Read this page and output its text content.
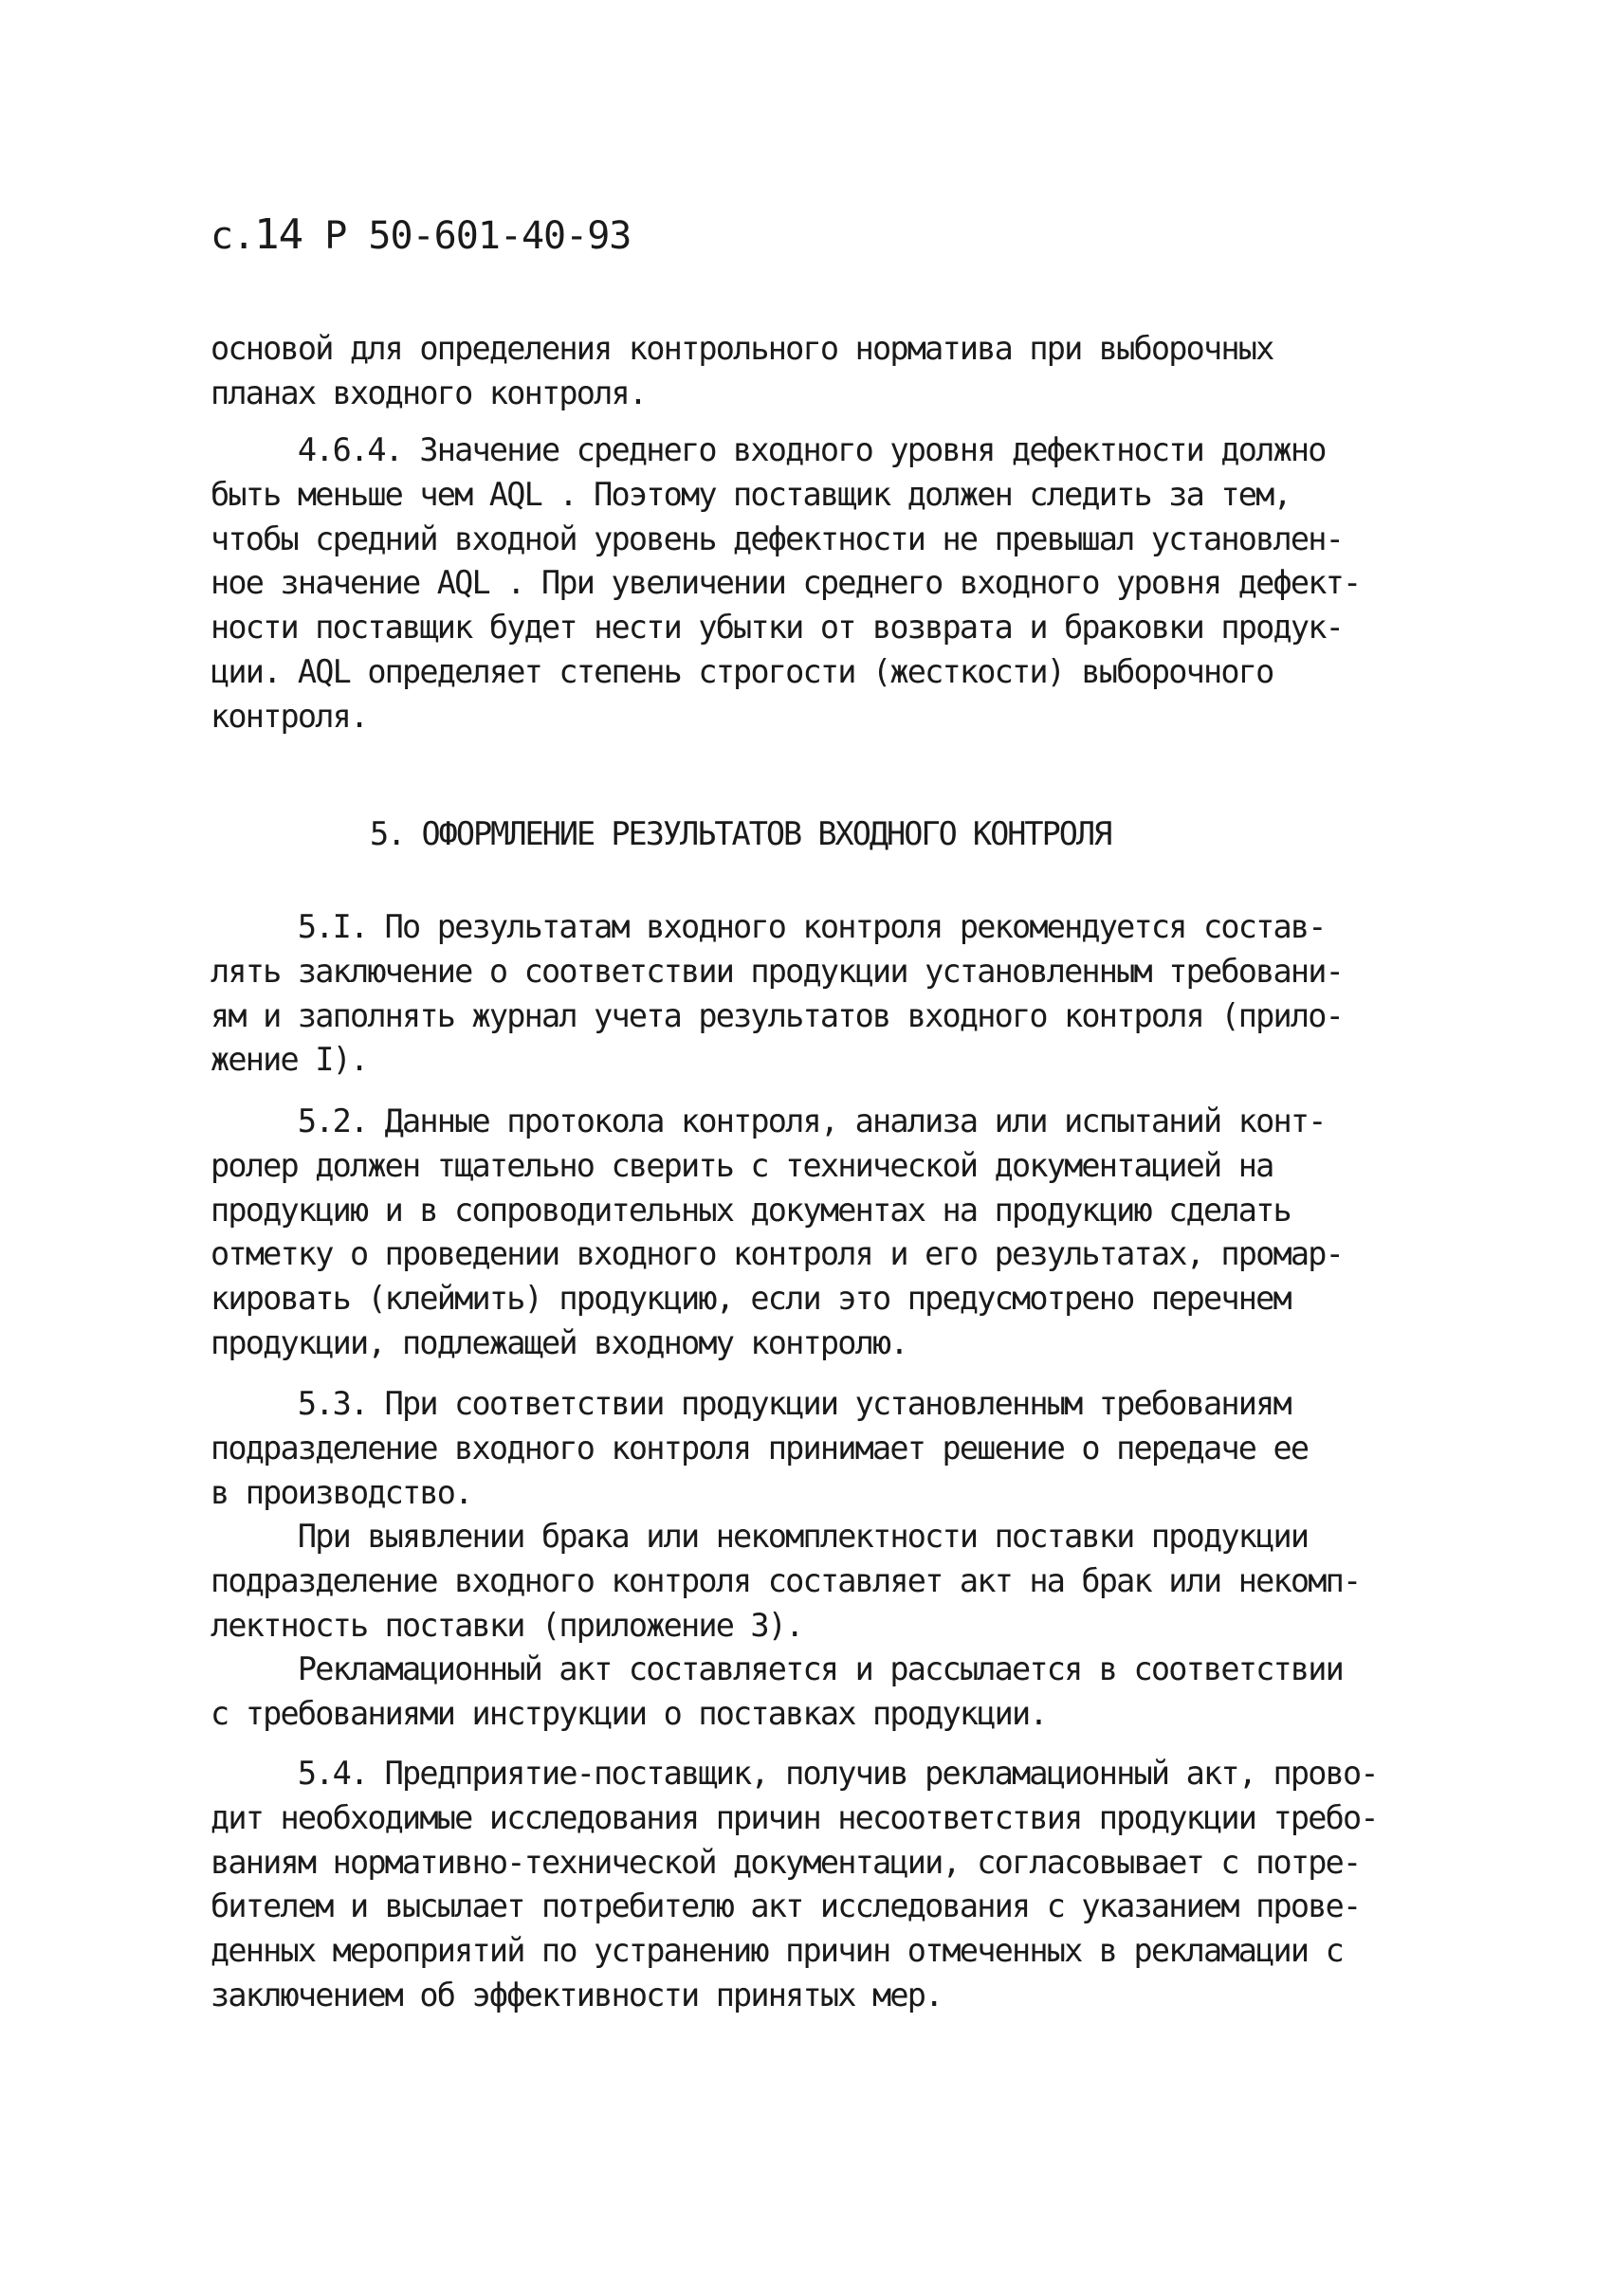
с.14 Р 50-601-40-93
основой для определения контрольного норматива при выборочных
планах входного контроля.
4.6.4. Значение среднего входного уровня дефектности должно
быть меньше чем AQL . Поэтому поставщик должен следить за тем,
чтобы средний входной уровень дефектности не превышал установлен-
ное значение AQL . При увеличении среднего входного уровня дефект-
ности поставщик будет нести убытки от возврата и браковки продук-
ции. AQL определяет степень строгости (жесткости) выборочного
контроля.
5. ОФОРМЛЕНИЕ РЕЗУЛЬТАТОВ ВХОДНОГО КОНТРОЛЯ
5.I. По результатам входного контроля рекомендуется состав-
лять заключение о соответствии продукции установленным требовани-
ям и заполнять журнал учета результатов входного контроля (прило-
жение I).
5.2. Данные протокола контроля, анализа или испытаний конт-
ролер должен тщательно сверить с технической документацией на
продукцию и в сопроводительных документах на продукцию сделать
отметку о проведении входного контроля и его результатах, промар-
кировать (клеймить) продукцию, если это предусмотрено перечнем
продукции, подлежащей входному контролю.
5.3. При соответствии продукции установленным требованиям
подразделение входного контроля принимает решение о передаче ее
в производство.
При выявлении брака или некомплектности поставки продукции
подразделение входного контроля составляет акт на брак или некомп-
лектность поставки (приложение 3).
Рекламационный акт составляется и рассылается в соответствии
с требованиями инструкции о поставках продукции.
5.4. Предприятие-поставщик, получив рекламационный акт, прово-
дит необходимые исследования причин несоответствия продукции требо-
ваниям нормативно-технической документации, согласовывает с потре-
бителем и высылает потребителю акт исследования с указанием прове-
денных мероприятий по устранению причин отмеченных в рекламации с
заключением об эффективности принятых мер.
